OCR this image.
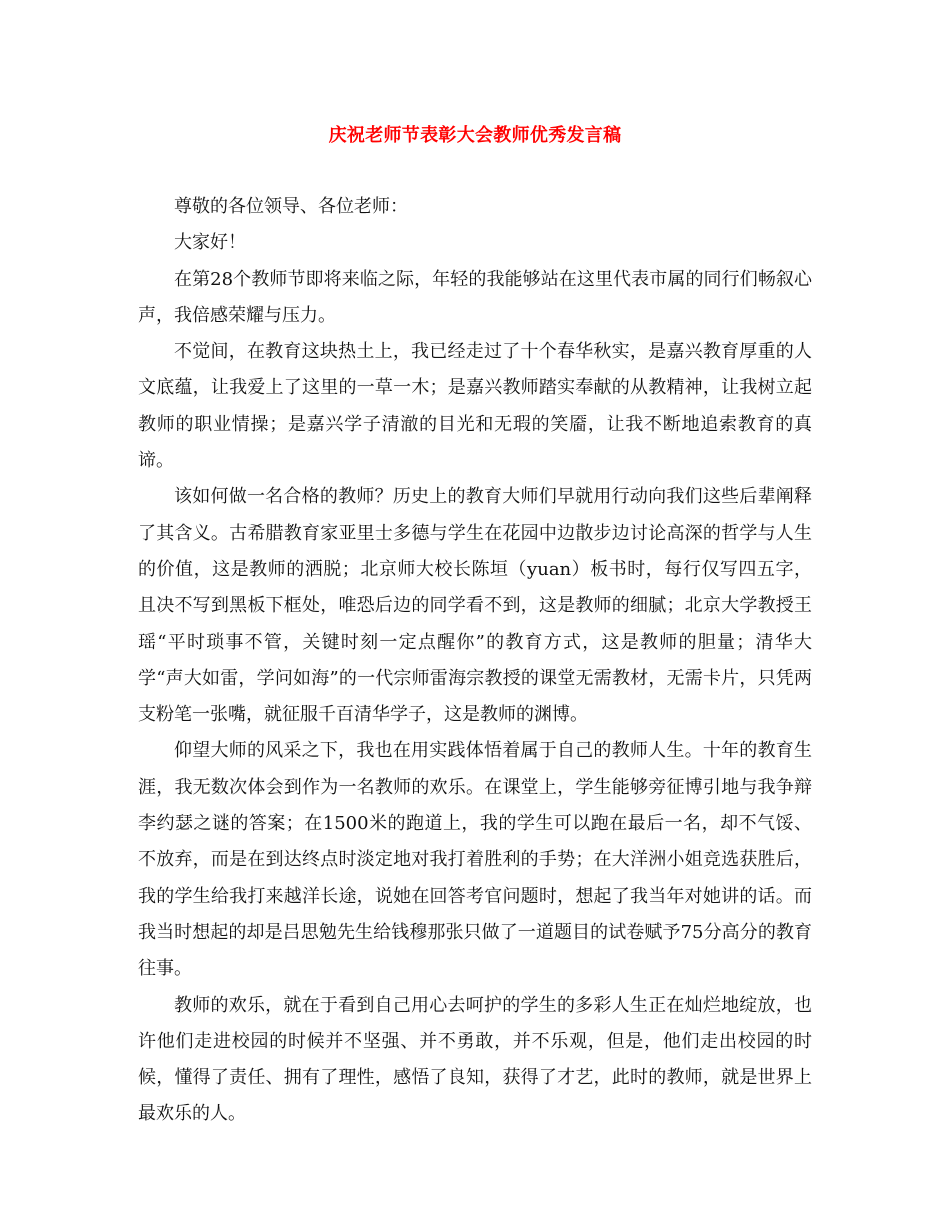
庆祝老师节表彰大会教师优秀发言稿

尊敬的各位领导、各位老师：

大家好！

在第28个教师节即将来临之际，年轻的我能够站在这里代表市属的同行们畅叙心声，我倍感荣耀与压力。

不觉间，在教育这块热土上，我已经走过了十个春华秋实，是嘉兴教育厚重的人文底蕴，让我爱上了这里的一草一木；是嘉兴教师踏实奉献的从教精神，让我树立起教师的职业情操；是嘉兴学子清澈的目光和无瑕的笑靥，让我不断地追索教育的真谛。

该如何做一名合格的教师？历史上的教育大师们早就用行动向我们这些后辈阐释了其含义。古希腊教育家亚里士多德与学生在花园中边散步边讨论高深的哲学与人生的价值，这是教师的洒脱；北京师大校长陈垣（yuan）板书时，每行仅写四五字，且决不写到黑板下框处，唯恐后边的同学看不到，这是教师的细腻；北京大学教授王瑶“平时琐事不管，关键时刻一定点醒你”的教育方式，这是教师的胆量；清华大学“声大如雷，学问如海”的一代宗师雷海宗教授的课堂无需教材，无需卡片，只凭两支粉笔一张嘴，就征服千百清华学子，这是教师的渊博。

仰望大师的风采之下，我也在用实践体悟着属于自己的教师人生。十年的教育生涯，我无数次体会到作为一名教师的欢乐。在课堂上，学生能够旁征博引地与我争辩李约瑟之谜的答案；在1500米的跑道上，我的学生可以跑在最后一名，却不气馁、不放弃，而是在到达终点时淡定地对我打着胜利的手势；在大洋洲小姐竞选获胜后，我的学生给我打来越洋长途，说她在回答考官问题时，想起了我当年对她讲的话。而我当时想起的却是吕思勉先生给钱穆那张只做了一道题目的试卷赋予75分高分的教育往事。

教师的欢乐，就在于看到自己用心去呵护的学生的多彩人生正在灿烂地绽放，也许他们走进校园的时候并不坚强、并不勇敢，并不乐观，但是，他们走出校园的时候，懂得了责任、拥有了理性，感悟了良知，获得了才艺，此时的教师，就是世界上最欢乐的人。
